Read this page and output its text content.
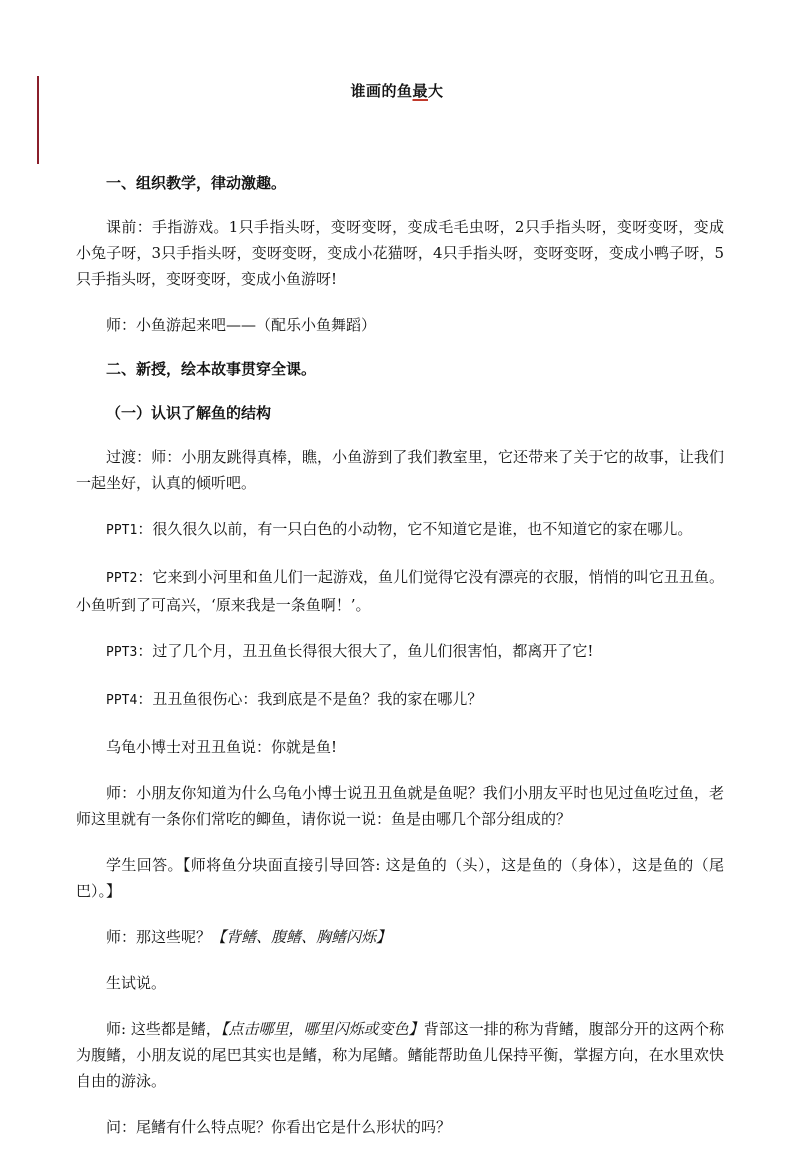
谁画的鱼最大

一、组织教学，律动激趣。

课前：手指游戏。1只手指头呀，变呀变呀，变成毛毛虫呀，2只手指头呀，变呀变呀，变成小兔子呀，3只手指头呀，变呀变呀，变成小花猫呀，4只手指头呀，变呀变呀，变成小鸭子呀，5只手指头呀，变呀变呀，变成小鱼游呀!

师：小鱼游起来吧——（配乐小鱼舞蹈）

二、新授，绘本故事贯穿全课。

（一）认识了解鱼的结构

过渡：师：小朋友跳得真棒，瞧，小鱼游到了我们教室里，它还带来了关于它的故事，让我们一起坐好，认真的倾听吧。

PPT1：很久很久以前，有一只白色的小动物，它不知道它是谁，也不知道它的家在哪儿。

PPT2：它来到小河里和鱼儿们一起游戏，鱼儿们觉得它没有漂亮的衣服，悄悄的叫它丑丑鱼。小鱼听到了可高兴，‘原来我是一条鱼啊！’。

PPT3：过了几个月，丑丑鱼长得很大很大了，鱼儿们很害怕，都离开了它!

PPT4：丑丑鱼很伤心：我到底是不是鱼？我的家在哪儿？

乌龟小博士对丑丑鱼说：你就是鱼!

师：小朋友你知道为什么乌龟小博士说丑丑鱼就是鱼呢？我们小朋友平时也见过鱼吃过鱼，老师这里就有一条你们常吃的鲫鱼，请你说一说：鱼是由哪几个部分组成的？

学生回答。【师将鱼分块面直接引导回答: 这是鱼的（头），这是鱼的（身体），这是鱼的（尾巴）。】

师：那这些呢？【背鳍、腹鳍、胸鳍闪烁】

生试说。

师: 这些都是鳍，【点击哪里，哪里闪烁或变色】背部这一排的称为背鳍，腹部分开的这两个称为腹鳍，小朋友说的尾巴其实也是鳍，称为尾鳍。鳍能帮助鱼儿保持平衡，掌握方向，在水里欢快自由的游泳。

问：尾鳍有什么特点呢？你看出它是什么形状的吗？
